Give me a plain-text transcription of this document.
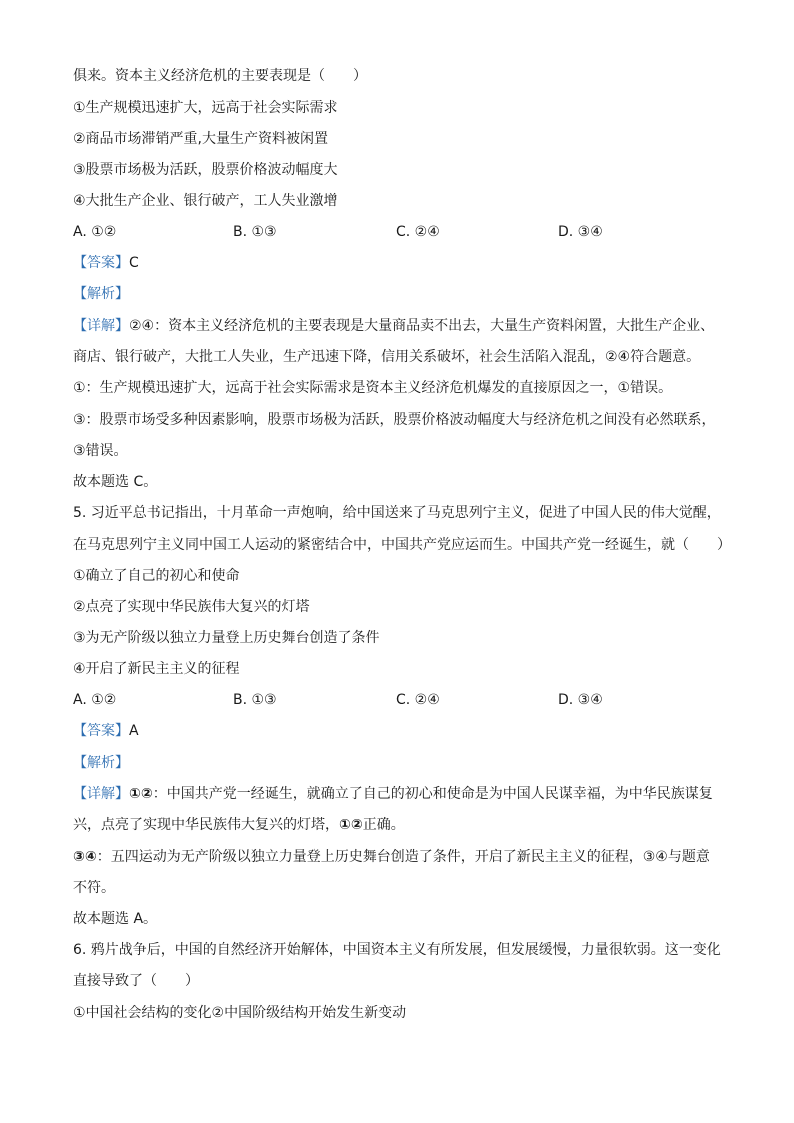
俱来。资本主义经济危机的主要表现是（　　）
①生产规模迅速扩大，远高于社会实际需求
②商品市场滞销严重,大量生产资料被闲置
③股票市场极为活跃，股票价格波动幅度大
④大批生产企业、银行破产，工人失业激增
A. ①②	B. ①③	C. ②④	D. ③④
【答案】C
【解析】
【详解】②④：资本主义经济危机的主要表现是大量商品卖不出去，大量生产资料闲置，大批生产企业、
商店、银行破产，大批工人失业，生产迅速下降，信用关系破坏，社会生活陷入混乱，②④符合题意。
①：生产规模迅速扩大，远高于社会实际需求是资本主义经济危机爆发的直接原因之一，①错误。
③：股票市场受多种因素影响，股票市场极为活跃，股票价格波动幅度大与经济危机之间没有必然联系，
③错误。
故本题选 C。
5. 习近平总书记指出，十月革命一声炮响，给中国送来了马克思列宁主义，促进了中国人民的伟大觉醒，
在马克思列宁主义同中国工人运动的紧密结合中，中国共产党应运而生。中国共产党一经诞生，就（　　）
①确立了自己的初心和使命
②点亮了实现中华民族伟大复兴的灯塔
③为无产阶级以独立力量登上历史舞台创造了条件
④开启了新民主主义的征程
A. ①②	B. ①③	C. ②④	D. ③④
【答案】A
【解析】
【详解】①②：中国共产党一经诞生，就确立了自己的初心和使命是为中国人民谋幸福，为中华民族谋复
兴，点亮了实现中华民族伟大复兴的灯塔，①②正确。
③④：五四运动为无产阶级以独立力量登上历史舞台创造了条件，开启了新民主主义的征程，③④与题意
不符。
故本题选 A。
6. 鸦片战争后，中国的自然经济开始解体，中国资本主义有所发展，但发展缓慢，力量很软弱。这一变化
直接导致了（　　）
①中国社会结构的变化②中国阶级结构开始发生新变动
